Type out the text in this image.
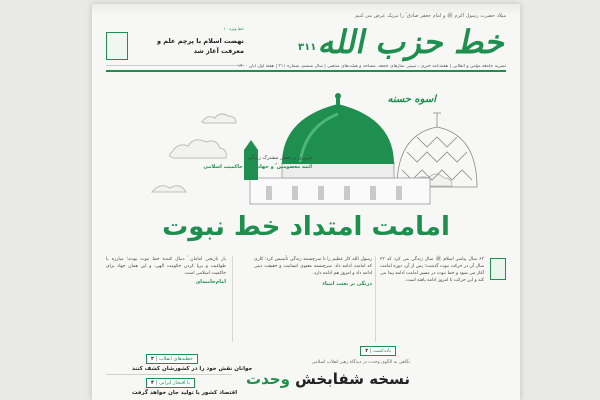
میلاد حضرت رسول اکرم ﷺ و امام جعفر صادق ؑ را تبریک عرض می کنیم
خط حزب الله
۳۱۱
خط ویژه ۱۰
نهضت اسلام با پرچم علم و معرفت آغاز شد
نشریه جامعه مؤمن و انقلابی | هفته‌نامه خبری ـ تبیینی نمازهای جمعه، مساجد و هیئت‌های مذهبی | سال ششم، شماره ۳۱۱ | هفته اول آبان ۱۴۰۰
اسوه حسنه
مروری بر فصل مشترک زندگی
ائمه معصومین ؑ و جهاد برای حاکمیت اسلامی
امامت امتداد خط نبوت
۶۳ سال پیامبر اسلام ﷺ سال زندگی می کرد که ۲۳ سال آن در حرکت نبوت گذشت؛ پس از آن، دوره امامت آغاز می شود و خط نبوت در مسیر امامت ادامه پیدا می کند و این حرکت تا امروز ادامه یافته است.
رسول الله کار عظیم را تا سرچشمه زندگی تأسیس کرد؛ کاری که امامت ادامه داد. سرچشمه معنوی انسانیت و حقیقت دینی ادامه داد و امروز هم ادامه دارد.
درنگی بر بعثت انبیاء
بار تاریخی امامان ؑ دنبال کننده خط نبوت بودند؛ مبارزه با طواغیت و برپا کردن حکومت الهی، و این همان جهاد برای حاکمیت اسلامی است.
امام‌خامنه‌ای
یادداشت | ۲
خطبه‌های انقلاب | ۳
جوانان نقش خود را در کشورشان کشف کنند
با افتخار ایرانی | ۴
اقتصاد کشور با تولید جان خواهد گرفت
نگاهی به الگوی وحدت در دیدگاه رهبر انقلاب اسلامی
نسخه شفابخش وحدت
